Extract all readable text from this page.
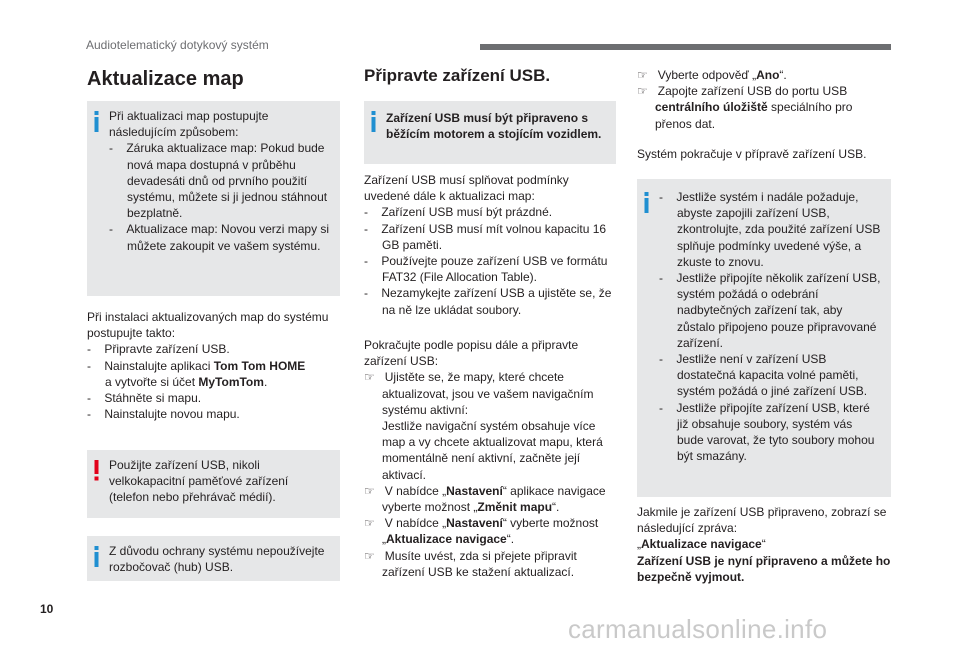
Audiotelematický dotykový systém
Aktualizace map

Při aktualizaci map postupujte následujícím způsobem:

-    Záruka aktualizace map: Pokud bude nová mapa dostupná v průběhu devadesáti dnů od prvního použití systému, můžete si ji jednou stáhnout bezplatně.

-    Aktualizace map: Novou verzi mapy si můžete zakoupit ve vašem systému.

Při instalaci aktualizovaných map do systému postupujte takto:

-    Připravte zařízení USB.

-    Nainstalujte aplikaci Tom Tom HOME
a vytvořte si účet MyTomTom.

-    Stáhněte si mapu.

-    Nainstalujte novou mapu.

Použijte zařízení USB, nikoli velkokapacitní paměťové zařízení (telefon nebo přehrávač médií).

Z důvodu ochrany systému nepoužívejte rozbočovač (hub) USB.

Připravte zařízení USB.

Zařízení USB musí být připraveno s běžícím motorem a stojícím vozidlem.

Zařízení USB musí splňovat podmínky uvedené dále k aktualizaci map:

-    Zařízení USB musí být prázdné.

-    Zařízení USB musí mít volnou kapacitu 16 GB paměti.

-    Používejte pouze zařízení USB ve formátu FAT32 (File Allocation Table).

-    Nezamykejte zařízení USB a ujistěte se, že na ně lze ukládat soubory.

Pokračujte podle popisu dále a připravte zařízení USB:

☞   Ujistěte se, že mapy, které chcete aktualizovat, jsou ve vašem navigačním systému aktivní:

Jestliže navigační systém obsahuje více map a vy chcete aktualizovat mapu, která momentálně není aktivní, začněte její aktivací.

☞   V nabídce „Nastavení“ aplikace navigace vyberte možnost „Změnit mapu“.

☞   V nabídce „Nastavení“ vyberte možnost „Aktualizace navigace“.

☞   Musíte uvést, zda si přejete připravit zařízení USB ke stažení aktualizací.

☞   Vyberte odpověď „Ano“.

☞   Zapojte zařízení USB do portu USB centrálního úložiště speciálního pro přenos dat.

Systém pokračuje v přípravě zařízení USB.

-    Jestliže systém i nadále požaduje, abyste zapojili zařízení USB, zkontrolujte, zda použité zařízení USB splňuje podmínky uvedené výše, a zkuste to znovu.

-    Jestliže připojíte několik zařízení USB, systém požádá o odebrání nadbytečných zařízení tak, aby zůstalo připojeno pouze připravované zařízení.

-    Jestliže není v zařízení USB dostatečná kapacita volné paměti, systém požádá o jiné zařízení USB.

-    Jestliže připojíte zařízení USB, které již obsahuje soubory, systém vás bude varovat, že tyto soubory mohou být smazány.

Jakmile je zařízení USB připraveno, zobrazí se následující zpráva:

„Aktualizace navigace“

Zařízení USB je nyní připraveno a můžete ho bezpečně vyjmout.

10
carmanualsonline.info
